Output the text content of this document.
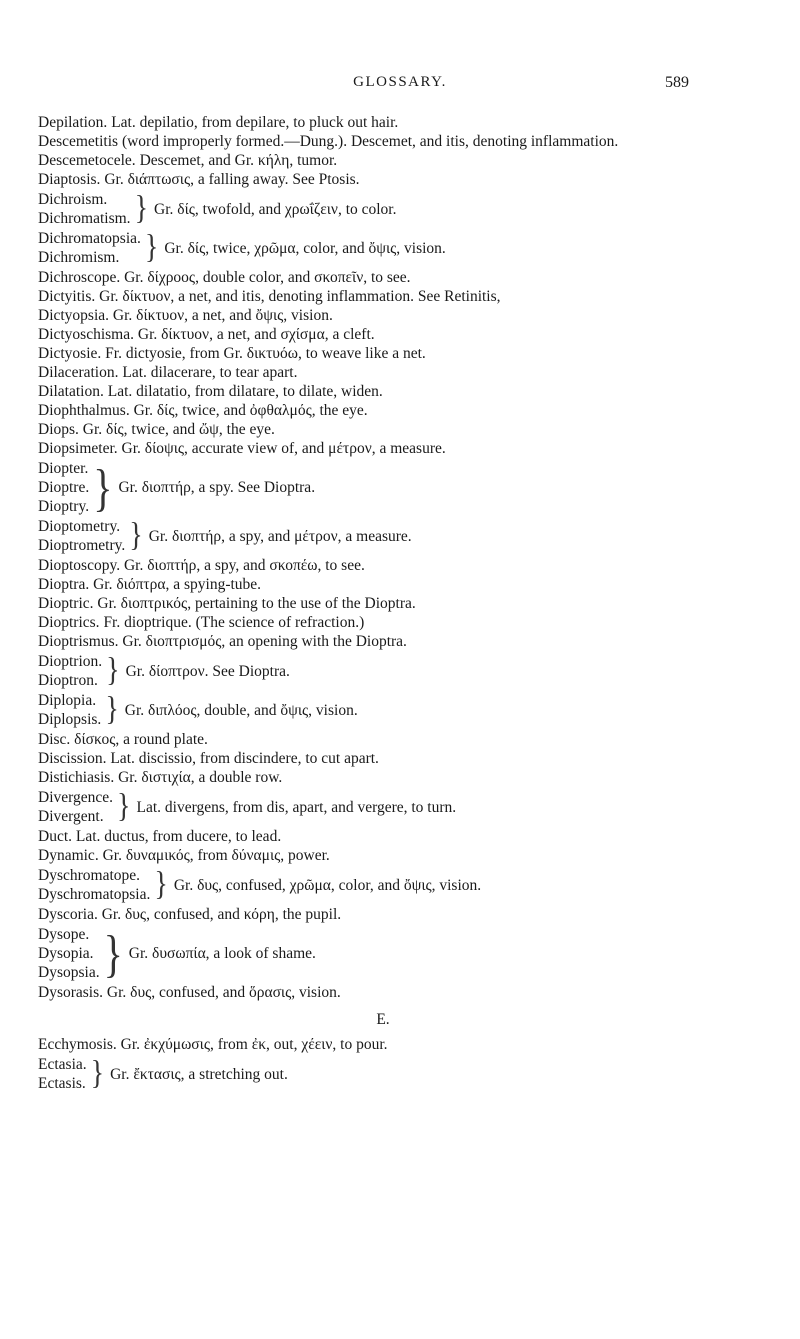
GLOSSARY.	589

Depilation. Lat. depilatio, from depilare, to pluck out hair.

Descemetitis (word improperly formed.—Dung.). Descemet, and itis, denoting inflammation.

Descemetocele. Descemet, and Gr. κήλη, tumor.

Diaptosis. Gr. διάπτωσις, a falling away. See Ptosis.

Dichroism.
Dichromatism. } Gr. δίς, twofold, and χρωΐζειν, to color.
Dichromatopsia.
Dichromism. } Gr. δίς, twice, χρῶμα, color, and ὄψις, vision.

Dichroscope. Gr. δίχροος, double color, and σκοπεῖν, to see.

Dictyitis. Gr. δίκτυον, a net, and itis, denoting inflammation. See Retinitis,

Dictyopsia. Gr. δίκτυον, a net, and ὄψις, vision.

Dictyoschisma. Gr. δίκτυον, a net, and σχίσμα, a cleft.

Dictyosie. Fr. dictyosie, from Gr. δικτυόω, to weave like a net.

Dilaceration. Lat. dilacerare, to tear apart.

Dilatation. Lat. dilatatio, from dilatare, to dilate, widen.

Diophthalmus. Gr. δίς, twice, and ὀφθαλμός, the eye.

Diops. Gr. δίς, twice, and ὤψ, the eye.

Diopsimeter. Gr. δίοψις, accurate view of, and μέτρον, a measure.

Diopter.
Dioptre.
Dioptry. } Gr. διοπτήρ, a spy. See Dioptra.
Dioptometry.
Dioptrometry. } Gr. διοπτήρ, a spy, and μέτρον, a measure.

Dioptoscopy. Gr. διοπτήρ, a spy, and σκοπέω, to see.

Dioptra. Gr. διόπτρα, a spying-tube.

Dioptric. Gr. διοπτρικός, pertaining to the use of the Dioptra.

Dioptrics. Fr. dioptrique. (The science of refraction.)

Dioptrismus. Gr. διοπτρισμός, an opening with the Dioptra.

Dioptrion.
Dioptron. } Gr. δίοπτρον. See Dioptra.
Diplopia.
Diplopsis. } Gr. διπλόος, double, and ὄψις, vision.

Disc. δίσκος, a round plate.

Discission. Lat. discissio, from discindere, to cut apart.

Distichiasis. Gr. διστιχία, a double row.

Divergence.
Divergent. } Lat. divergens, from dis, apart, and vergere, to turn.

Duct. Lat. ductus, from ducere, to lead.

Dynamic. Gr. δυναμικός, from δύναμις, power.

Dyschromatope.
Dyschromatopsia. } Gr. δυς, confused, χρῶμα, color, and ὄψις, vision.

Dyscoria. Gr. δυς, confused, and κόρη, the pupil.

Dysope.
Dysopia.
Dysopsia. } Gr. δυσωπία, a look of shame.

Dysorasis. Gr. δυς, confused, and ὅρασις, vision.

E.

Ecchymosis. Gr. ἐκχύμωσις, from ἐκ, out, χέειν, to pour.

Ectasia.
Ectasis. } Gr. ἔκτασις, a stretching out.
